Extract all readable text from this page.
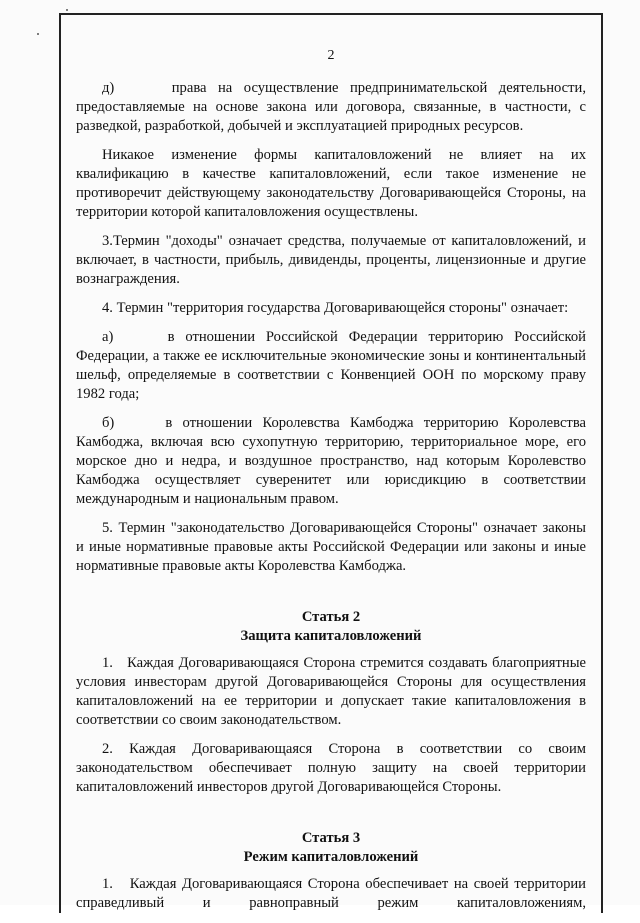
2

д)     права на осуществление предпринимательской деятельности, предоставляемые на основе закона или договора, связанные, в частности, с разведкой, разработкой, добычей и эксплуатацией природных ресурсов.

Никакое изменение формы капиталовложений не влияет на их квалификацию в качестве капиталовложений, если такое изменение не противоречит действующему законодательству Договаривающейся Стороны, на территории которой капиталовложения осуществлены.

3.Термин "доходы" означает средства, получаемые от капиталовложений, и включает, в частности, прибыль, дивиденды, проценты, лицензионные и другие вознаграждения.

4. Термин "территория государства Договаривающейся стороны" означает:

а)     в отношении Российской Федерации территорию Российской Федерации, а также ее исключительные экономические зоны и континентальный шельф, определяемые в соответствии с Конвенцией ООН по морскому праву 1982 года;

б)     в отношении Королевства Камбоджа территорию Королевства Камбоджа, включая всю сухопутную территорию, территориальное море, его морское дно и недра, и воздушное пространство, над которым Королевство Камбоджа осуществляет суверенитет или юрисдикцию в соответствии международным и национальным правом.

5. Термин "законодательство Договаривающейся Стороны" означает законы и иные нормативные правовые акты Российской Федерации или законы и иные нормативные правовые акты Королевства Камбоджа.

Статья 2
Защита капиталовложений

1.   Каждая Договаривающаяся Сторона стремится создавать благоприятные условия инвесторам другой Договаривающейся Стороны для осуществления капиталовложений на ее территории и допускает такие капиталовложения в соответствии со своим законодательством.

2. Каждая Договаривающаяся Сторона в соответствии со своим законодательством обеспечивает полную защиту на своей территории капиталовложений инвесторов другой Договаривающейся Стороны.

Статья 3
Режим капиталовложений

1.   Каждая Договаривающаяся Сторона обеспечивает на своей территории справедливый и равноправный режим капиталовложениям,
